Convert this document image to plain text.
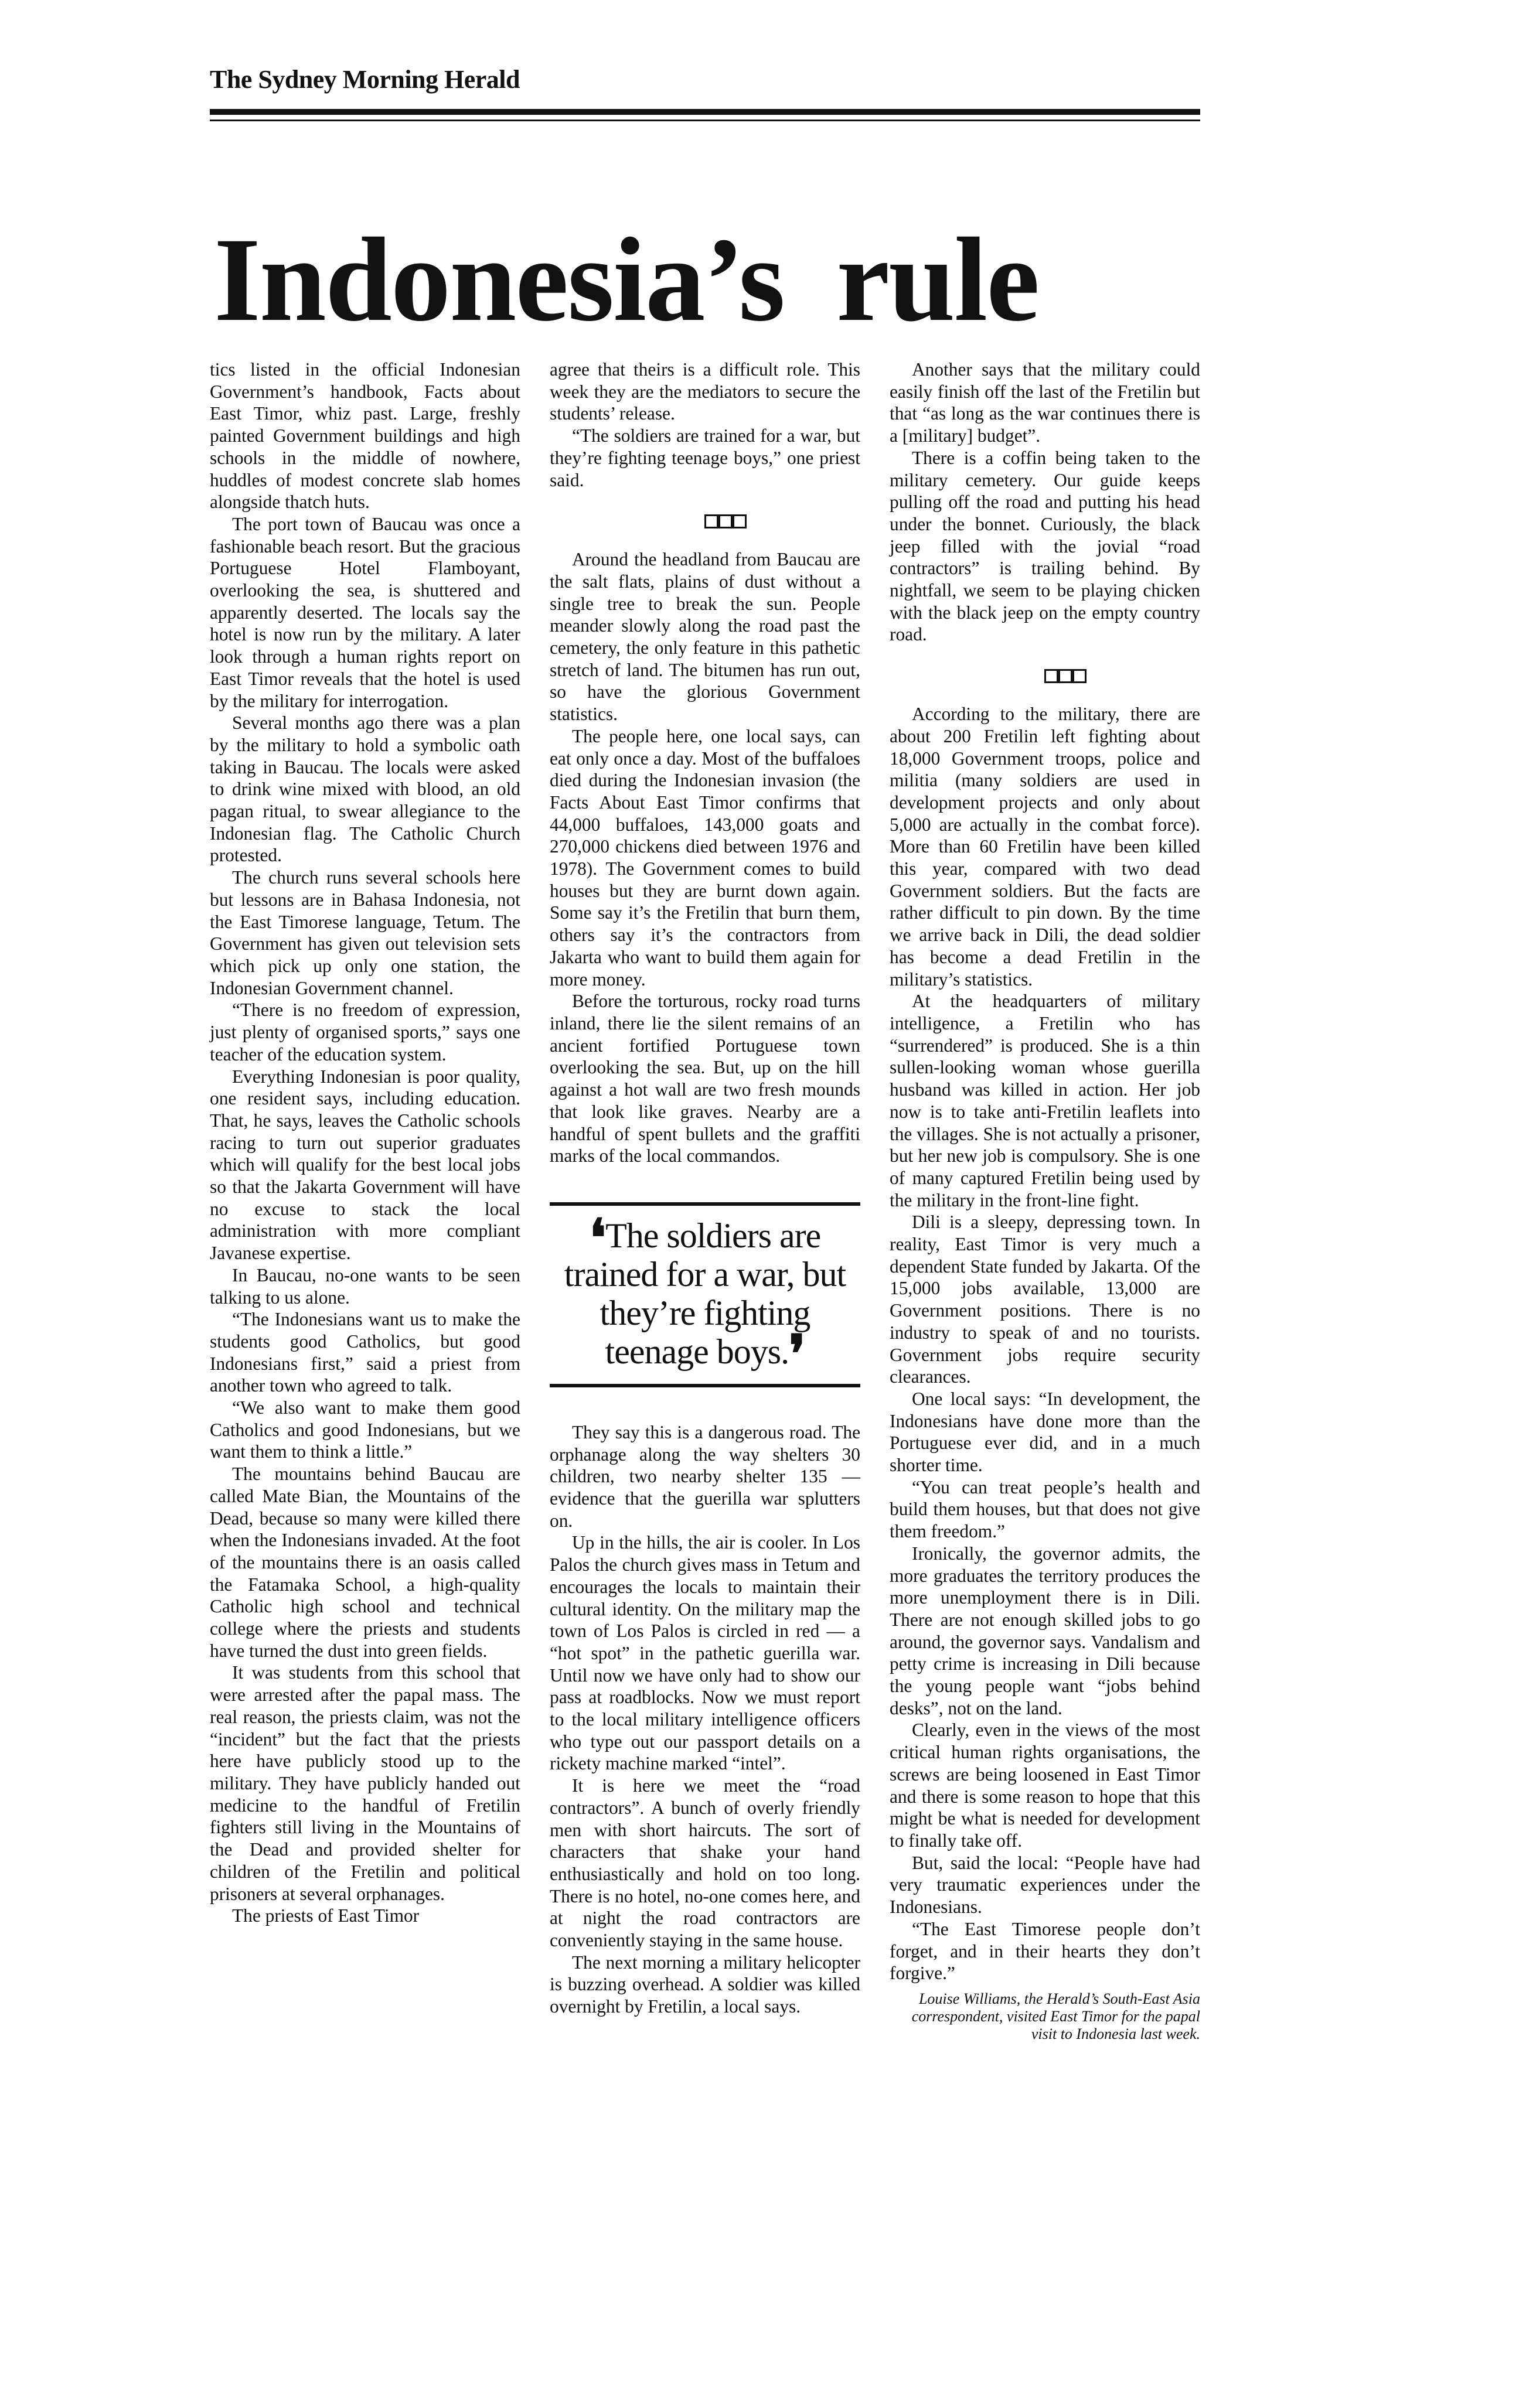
The Sydney Morning Herald
Indonesia’s rule

tics listed in the official Indonesian Government’s handbook, Facts about East Timor, whiz past. Large, freshly painted Government buildings and high schools in the middle of nowhere, huddles of modest concrete slab homes alongside thatch huts.

The port town of Baucau was once a fashionable beach resort. But the gracious Portuguese Hotel Flamboyant, overlooking the sea, is shuttered and apparently deserted. The locals say the hotel is now run by the military. A later look through a human rights report on East Timor reveals that the hotel is used by the military for interrogation.

Several months ago there was a plan by the military to hold a symbolic oath taking in Baucau. The locals were asked to drink wine mixed with blood, an old pagan ritual, to swear allegiance to the Indonesian flag. The Catholic Church protested.

The church runs several schools here but lessons are in Bahasa Indonesia, not the East Timorese language, Tetum. The Government has given out television sets which pick up only one station, the Indonesian Government channel.

“There is no freedom of expression, just plenty of organised sports,” says one teacher of the education system.

Everything Indonesian is poor quality, one resident says, including education. That, he says, leaves the Catholic schools racing to turn out superior graduates which will qualify for the best local jobs so that the Jakarta Government will have no excuse to stack the local administration with more compliant Javanese expertise.

In Baucau, no-one wants to be seen talking to us alone.

“The Indonesians want us to make the students good Catholics, but good Indonesians first,” said a priest from another town who agreed to talk.

“We also want to make them good Catholics and good Indonesians, but we want them to think a little.”

The mountains behind Baucau are called Mate Bian, the Mountains of the Dead, because so many were killed there when the Indonesians invaded. At the foot of the mountains there is an oasis called the Fatamaka School, a high-quality Catholic high school and technical college where the priests and students have turned the dust into green fields.

It was students from this school that were arrested after the papal mass. The real reason, the priests claim, was not the “incident” but the fact that the priests here have publicly stood up to the military. They have publicly handed out medicine to the handful of Fretilin fighters still living in the Mountains of the Dead and provided shelter for children of the Fretilin and political prisoners at several orphanages.

The priests of East Timor

agree that theirs is a difficult role. This week they are the mediators to secure the students’ release.

“The soldiers are trained for a war, but they’re fighting teenage boys,” one priest said.

Around the headland from Baucau are the salt flats, plains of dust without a single tree to break the sun. People meander slowly along the road past the cemetery, the only feature in this pathetic stretch of land. The bitumen has run out, so have the glorious Government statistics.

The people here, one local says, can eat only once a day. Most of the buffaloes died during the Indonesian invasion (the Facts About East Timor confirms that 44,000 buffaloes, 143,000 goats and 270,000 chickens died between 1976 and 1978). The Government comes to build houses but they are burnt down again. Some say it’s the Fretilin that burn them, others say it’s the contractors from Jakarta who want to build them again for more money.

Before the torturous, rocky road turns inland, there lie the silent remains of an ancient fortified Portuguese town overlooking the sea. But, up on the hill against a hot wall are two fresh mounds that look like graves. Nearby are a handful of spent bullets and the graffiti marks of the local commandos.

❛The soldiers are trained for a war, but they’re fighting teenage boys.❜

They say this is a dangerous road. The orphanage along the way shelters 30 children, two nearby shelter 135 — evidence that the guerilla war splutters on.

Up in the hills, the air is cooler. In Los Palos the church gives mass in Tetum and encourages the locals to maintain their cultural identity. On the military map the town of Los Palos is circled in red — a “hot spot” in the pathetic guerilla war. Until now we have only had to show our pass at roadblocks. Now we must report to the local military intelligence officers who type out our passport details on a rickety machine marked “intel”.

It is here we meet the “road contractors”. A bunch of overly friendly men with short haircuts. The sort of characters that shake your hand enthusiastically and hold on too long. There is no hotel, no-one comes here, and at night the road contractors are conveniently staying in the same house.

The next morning a military helicopter is buzzing overhead. A soldier was killed overnight by Fretilin, a local says.

Another says that the military could easily finish off the last of the Fretilin but that “as long as the war continues there is a [military] budget”.

There is a coffin being taken to the military cemetery. Our guide keeps pulling off the road and putting his head under the bonnet. Curiously, the black jeep filled with the jovial “road contractors” is trailing behind. By nightfall, we seem to be playing chicken with the black jeep on the empty country road.

According to the military, there are about 200 Fretilin left fighting about 18,000 Government troops, police and militia (many soldiers are used in development projects and only about 5,000 are actually in the combat force). More than 60 Fretilin have been killed this year, compared with two dead Government soldiers. But the facts are rather difficult to pin down. By the time we arrive back in Dili, the dead soldier has become a dead Fretilin in the military’s statistics.

At the headquarters of military intelligence, a Fretilin who has “surrendered” is produced. She is a thin sullen-looking woman whose guerilla husband was killed in action. Her job now is to take anti-Fretilin leaflets into the villages. She is not actually a prisoner, but her new job is compulsory. She is one of many captured Fretilin being used by the military in the front-line fight.

Dili is a sleepy, depressing town. In reality, East Timor is very much a dependent State funded by Jakarta. Of the 15,000 jobs available, 13,000 are Government positions. There is no industry to speak of and no tourists. Government jobs require security clearances.

One local says: “In development, the Indonesians have done more than the Portuguese ever did, and in a much shorter time.

“You can treat people’s health and build them houses, but that does not give them freedom.”

Ironically, the governor admits, the more graduates the territory produces the more unemployment there is in Dili. There are not enough skilled jobs to go around, the governor says. Vandalism and petty crime is increasing in Dili because the young people want “jobs behind desks”, not on the land.

Clearly, even in the views of the most critical human rights organisations, the screws are being loosened in East Timor and there is some reason to hope that this might be what is needed for development to finally take off.

But, said the local: “People have had very traumatic experiences under the Indonesians.

“The East Timorese people don’t forget, and in their hearts they don’t forgive.”

Louise Williams, the Herald’s South-East Asia correspondent, visited East Timor for the papal visit to Indonesia last week.
